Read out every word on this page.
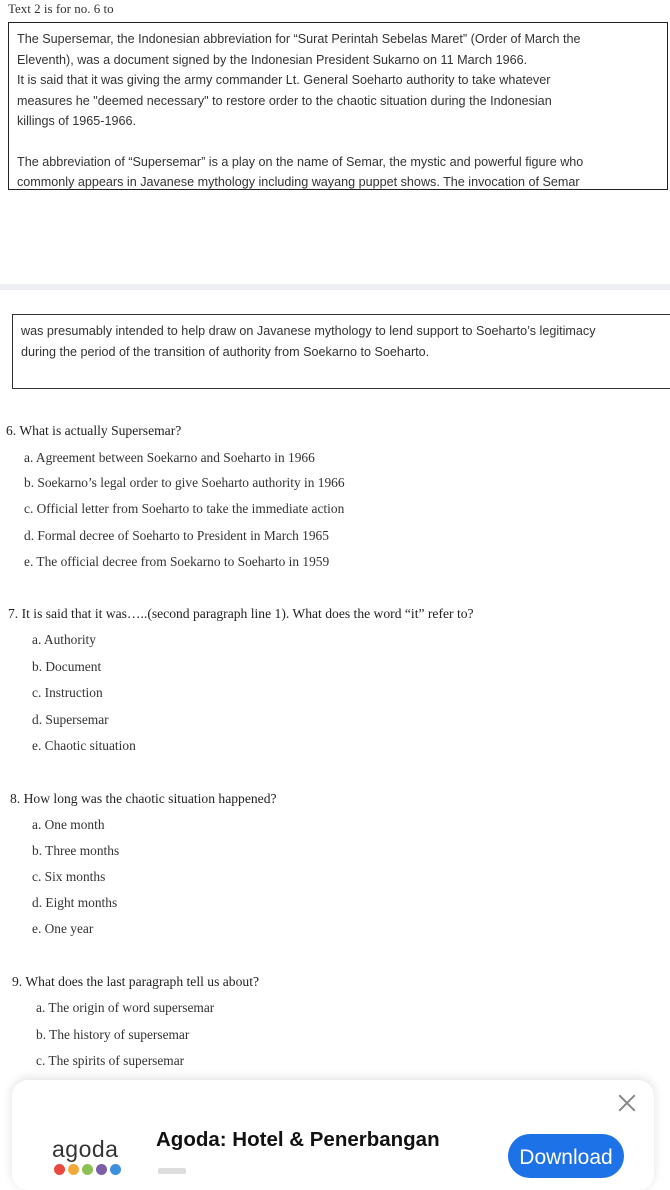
Text 2 is for no. 6 to

The Supersemar, the Indonesian abbreviation for “Surat Perintah Sebelas Maret” (Order of March the

Eleventh), was a document signed by the Indonesian President Sukarno on 11 March 1966.

It is said that it was giving the army commander Lt. General Soeharto authority to take whatever

measures he "deemed necessary" to restore order to the chaotic situation during the Indonesian

killings of 1965-1966.

The abbreviation of “Supersemar” is a play on the name of Semar, the mystic and powerful figure who

commonly appears in Javanese mythology including wayang puppet shows. The invocation of Semar

was presumably intended to help draw on Javanese mythology to lend support to Soeharto’s legitimacy

during the period of the transition of authority from Soekarno to Soeharto.

6. What is actually Supersemar?
a. Agreement between Soekarno and Soeharto in 1966
b. Soekarno’s legal order to give Soeharto authority in 1966
c. Official letter from Soeharto to take the immediate action
d. Formal decree of Soeharto to President in March 1965
e. The official decree from Soekarno to Soeharto in 1959
7. It is said that it was…..(second paragraph line 1). What does the word “it” refer to?
a. Authority
b. Document
c. Instruction
d. Supersemar
e. Chaotic situation
8. How long was the chaotic situation happened?
a. One month
b. Three months
c. Six months
d. Eight months
e. One year
9. What does the last paragraph tell us about?
a. The origin of word supersemar
b. The history of supersemar
c. The spirits of supersemar
agoda Agoda: Hotel & Penerbangan
Download
